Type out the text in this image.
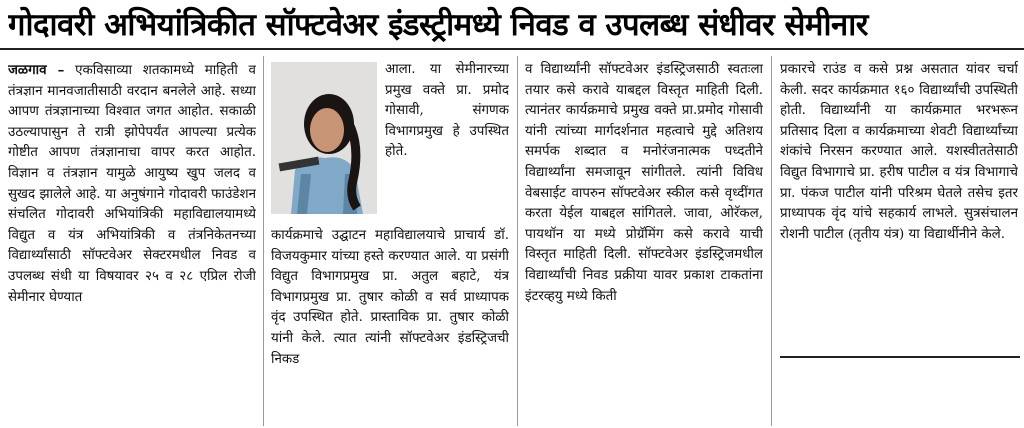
गोदावरी अभियांत्रिकीत सॉफ्टवेअर इंडस्ट्रीमध्ये निवड व उपलब्ध संधीवर सेमीनार

जळगाव – एकविसाव्या शतकामध्ये माहिती व तंत्रज्ञान मानवजातीसाठी वरदान बनलेले आहे. सध्या आपण तंत्रज्ञानाच्या विश्वात जगत आहोत. सकाळी उठल्यापासुन ते रात्री झोपेपर्यंत आपल्या प्रत्येक गोष्टीत आपण तंत्रज्ञानाचा वापर करत आहोत. विज्ञान व तंत्रज्ञान यामुळे आयुष्य खुप जलद व सुखद झालेले आहे. या अनुषंगाने गोदावरी फाउंडेशन संचलित गोदावरी अभियांत्रिकी महाविद्यालयामध्ये विद्युत व यंत्र अभियांत्रिकी व तंत्रनिकेतनच्या विद्यार्थ्यांसाठी सॉफ्टवेअर सेक्टरमधील निवड व उपलब्ध संधी या विषयावर २५ व २८ एप्रिल रोजी सेमीनार घेण्यात

आला. या सेमीनारच्या प्रमुख वक्ते प्रा. प्रमोद गोसावी, संगणक विभागप्रमुख हे उपस्थित होते.

कार्यक्रमाचे उद्घाटन महाविद्यालयाचे प्राचार्य डॉ. विजयकुमार यांच्या हस्ते करण्यात आले. या प्रसंगी विद्युत विभागप्रमुख प्रा. अतुल बहाटे, यंत्र विभागप्रमुख प्रा. तुषार कोळी व सर्व प्राध्यापक वृंद उपस्थित होते. प्रास्ताविक प्रा. तुषार कोळी यांनी केले. त्यात त्यांनी सॉफ्टवेअर इंडस्ट्रिजची निकड

व विद्यार्थ्यांनी सॉफ्टवेअर इंडस्ट्रिजसाठी स्वतःला तयार कसे करावे याबद्दल विस्तृत माहिती दिली. त्यानंतर कार्यक्रमाचे प्रमुख वक्ते प्रा.प्रमोद गोसावी यांनी त्यांच्या मार्गदर्शनात महत्वाचे मुद्दे अतिशय समर्पक शब्दात व मनोरंजनात्मक पध्दतीने विद्यार्थ्यांना समजावून सांगीतले. त्यांनी विविध वेबसाईट वापरुन सॉफ्टवेअर स्कील कसे वृध्दींगत करता येईल याबद्दल सांगितले. जावा, ओरॅकल, पायथॉन या मध्ये प्रोग्रॅमिंग कसे करावे याची विस्तृत माहिती दिली. सॉफ्टवेअर इंडस्ट्रिजमधील विद्यार्थ्यांची निवड प्रक्रीया यावर प्रकाश टाकतांना इंटरव्हयु मध्ये किती

प्रकारचे राउंड व कसे प्रश्न असतात यांवर चर्चा केली. सदर कार्यक्रमात १६० विद्यार्थ्यांची उपस्थिती होती. विद्यार्थ्यांनी या कार्यक्रमात भरभरून प्रतिसाद दिला व कार्यक्रमाच्या शेवटी विद्यार्थ्यांच्या शंकांचे निरसन करण्यात आले. यशस्वीततेसाठी विद्युत विभागाचे प्रा. हरीष पाटील व यंत्र विभागाचे प्रा. पंकज पाटील यांनी परिश्रम घेतले तसेच इतर प्राध्यापक वृंद यांचे सहकार्य लाभले. सुत्रसंचालन रोशनी पाटील (तृतीय यंत्र) या विद्यार्थीनीने केले.
